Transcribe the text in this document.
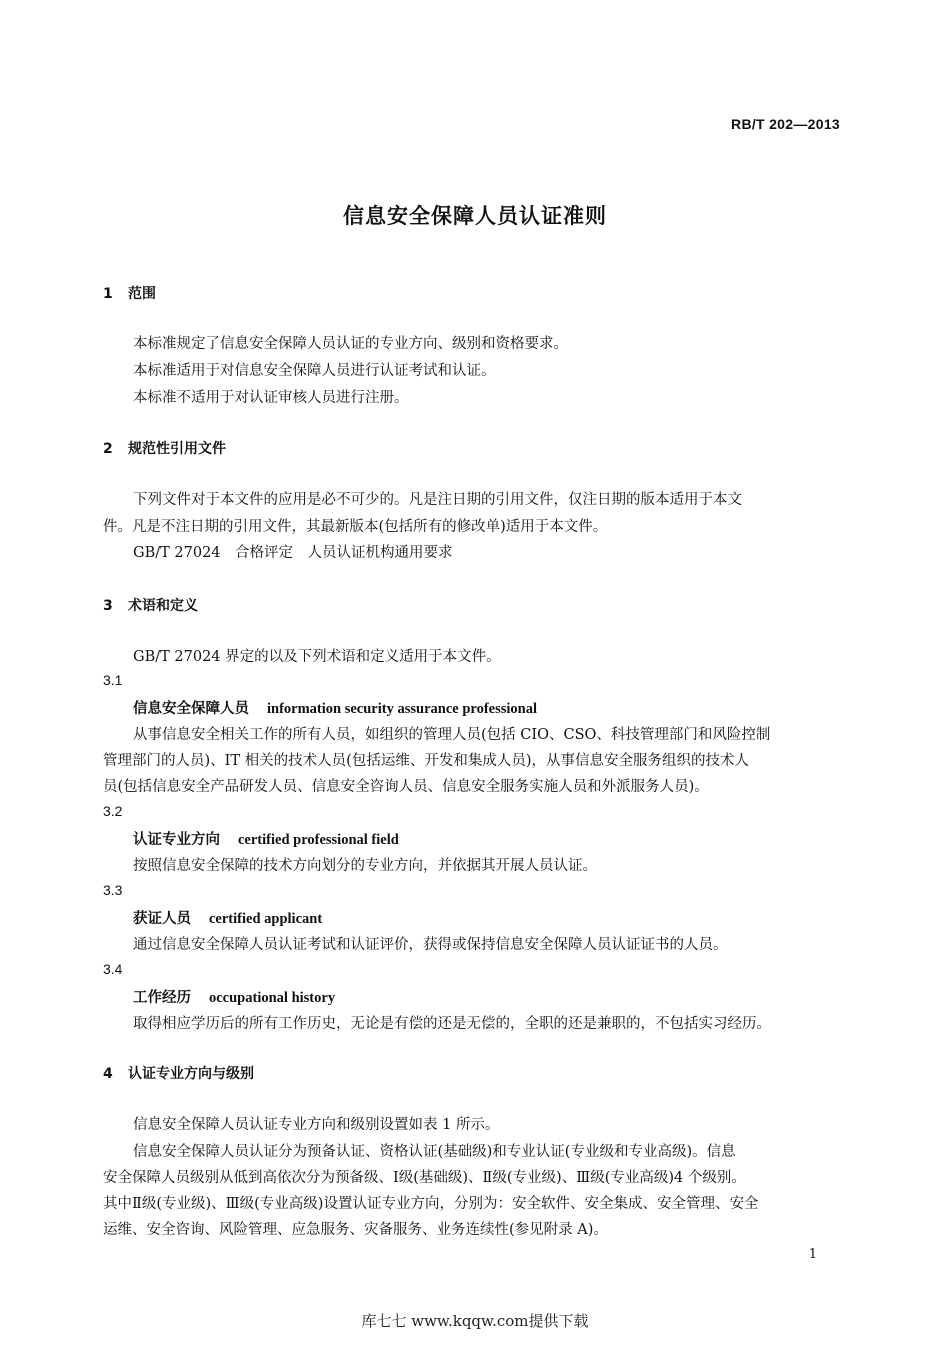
RB/T 202—2013
信息安全保障人员认证准则
1 范围
本标准规定了信息安全保障人员认证的专业方向、级别和资格要求。
本标准适用于对信息安全保障人员进行认证考试和认证。
本标准不适用于对认证审核人员进行注册。
2 规范性引用文件
下列文件对于本文件的应用是必不可少的。凡是注日期的引用文件，仅注日期的版本适用于本文
件。凡是不注日期的引用文件，其最新版本(包括所有的修改单)适用于本文件。
GB/T 27024　合格评定　人员认证机构通用要求
3 术语和定义
GB/T 27024 界定的以及下列术语和定义适用于本文件。
3.1
信息安全保障人员 information security assurance professional
从事信息安全相关工作的所有人员，如组织的管理人员(包括 CIO、CSO、科技管理部门和风险控制
管理部门的人员)、IT 相关的技术人员(包括运维、开发和集成人员)，从事信息安全服务组织的技术人
员(包括信息安全产品研发人员、信息安全咨询人员、信息安全服务实施人员和外派服务人员)。
3.2
认证专业方向 certified professional field
按照信息安全保障的技术方向划分的专业方向，并依据其开展人员认证。
3.3
获证人员 certified applicant
通过信息安全保障人员认证考试和认证评价，获得或保持信息安全保障人员认证证书的人员。
3.4
工作经历 occupational history
取得相应学历后的所有工作历史，无论是有偿的还是无偿的，全职的还是兼职的，不包括实习经历。
4 认证专业方向与级别
信息安全保障人员认证专业方向和级别设置如表 1 所示。
信息安全保障人员认证分为预备认证、资格认证(基础级)和专业认证(专业级和专业高级)。信息
安全保障人员级别从低到高依次分为预备级、Ⅰ级(基础级)、Ⅱ级(专业级)、Ⅲ级(专业高级)4 个级别。
其中Ⅱ级(专业级)、Ⅲ级(专业高级)设置认证专业方向，分别为：安全软件、安全集成、安全管理、安全
运维、安全咨询、风险管理、应急服务、灾备服务、业务连续性(参见附录 A)。
1
库七七 www.kqqw.com提供下载
